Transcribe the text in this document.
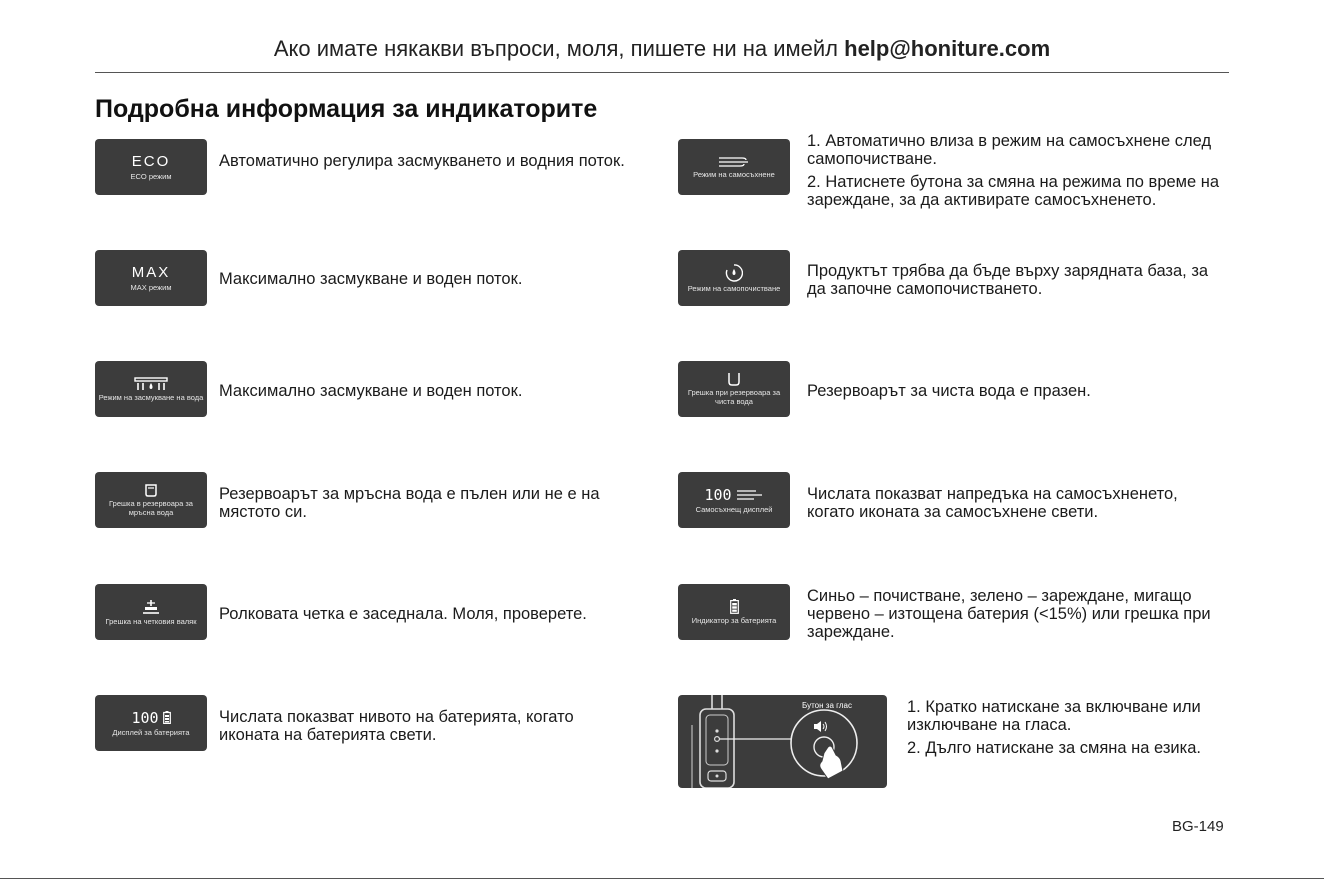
Ако имате някакви въпроси, моля, пишете ни на имейл help@honiture.com
Подробна информация за индикаторите
ECO
ECO режим
Автоматично регулира засмукването и водния поток.
MAX
MAX режим	Максимално засмукване и воден поток.
Режим на засмукване на вода Максимално засмукване и воден поток.
Грешка в резервоара за мръсна вода
Резервоарът за мръсна вода е пълен или не е на мястото си.
Грешка на четковия валяк Ролковата четка е заседнала. Моля, проверете.
100
Дисплей за батерията
Числата показват нивото на батерията, когато иконата на батерията свети.
Режим на самосъхнене

1. Автоматично влиза в режим на самосъхнене след самопочистване.

2. Натиснете бутона за смяна на режима по време на зареждане, за да активирате самосъхненето.

Режим на самопочистване
Продуктът трябва да бъде върху зарядната база, за да започне самопочистването.
Грешка при резервоара за чиста вода
Резервоарът за чиста вода е празен.
100
Самосъхнещ дисплей
Числата показват напредъка на самосъхненето, когато иконата за самосъхнене свети.
Индикатор за батерията
Синьо – почистване, зелено – зареждане, мигащо червено – изтощена батерия (<15%) или грешка при зареждане.
Бутон за глас	1. Кратко натискане за включване или изключване на гласа.

2. Дълго натискане за смяна на езика.

BG-149
